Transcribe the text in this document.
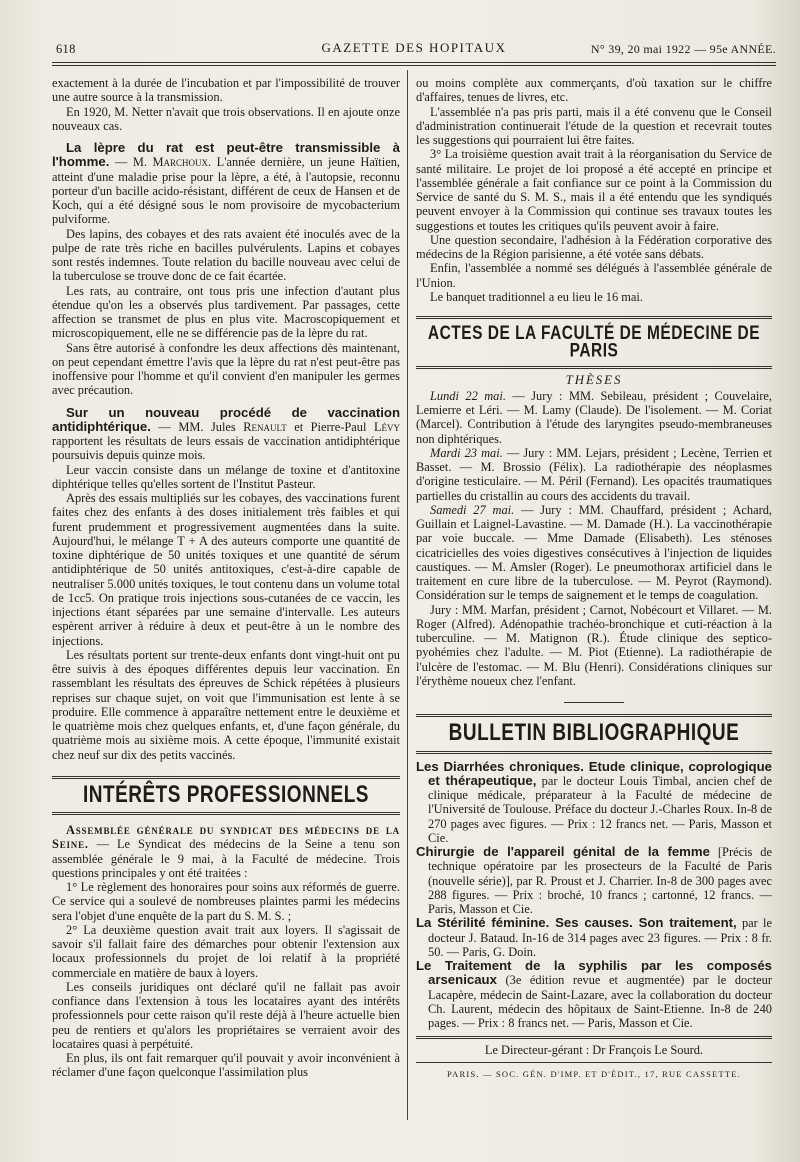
618	GAZETTE DES HOPITAUX	N° 39, 20 mai 1922 — 95e ANNÉE.

exactement à la durée de l'incubation et par l'impossibilité de trouver une autre source à la transmission.

En 1920, M. Netter n'avait que trois observations. Il en ajoute onze nouveaux cas.

La lèpre du rat est peut-être transmissible à l'homme. — M. Marchoux. L'année dernière, un jeune Haïtien, atteint d'une maladie prise pour la lèpre, a été, à l'autopsie, reconnu porteur d'un bacille acido-résistant, différent de ceux de Hansen et de Koch, qui a été désigné sous le nom provisoire de mycobacterium pulviforme.

Des lapins, des cobayes et des rats avaient été inoculés avec de la pulpe de rate très riche en bacilles pulvérulents. Lapins et cobayes sont restés indemnes. Toute relation du bacille nouveau avec celui de la tuberculose se trouve donc de ce fait écartée.

Les rats, au contraire, ont tous pris une infection d'autant plus étendue qu'on les a observés plus tardivement. Par passages, cette affection se transmet de plus en plus vite. Macroscopiquement et microscopiquement, elle ne se différencie pas de la lèpre du rat.

Sans être autorisé à confondre les deux affections dès maintenant, on peut cependant émettre l'avis que la lèpre du rat n'est peut-être pas inoffensive pour l'homme et qu'il convient d'en manipuler les germes avec précaution.

Sur un nouveau procédé de vaccination antidiphtérique. — MM. Jules Renault et Pierre-Paul Lévy rapportent les résultats de leurs essais de vaccination antidiphtérique poursuivis depuis quinze mois.

Leur vaccin consiste dans un mélange de toxine et d'antitoxine diphtérique telles qu'elles sortent de l'Institut Pasteur.

Après des essais multipliés sur les cobayes, des vaccinations furent faites chez des enfants à des doses initialement très faibles et qui furent prudemment et progressivement augmentées dans la suite. Aujourd'hui, le mélange T + A des auteurs comporte une quantité de toxine diphtérique de 50 unités toxiques et une quantité de sérum antidiphtérique de 50 unités antitoxiques, c'est-à-dire capable de neutraliser 5.000 unités toxiques, le tout contenu dans un volume total de 1cc5. On pratique trois injections sous-cutanées de ce vaccin, les injections étant séparées par une semaine d'intervalle. Les auteurs espèrent arriver à réduire à deux et peut-être à un le nombre des injections.

Les résultats portent sur trente-deux enfants dont vingt-huit ont pu être suivis à des époques différentes depuis leur vaccination. En rassemblant les résultats des épreuves de Schick répétées à plusieurs reprises sur chaque sujet, on voit que l'immunisation est lente à se produire. Elle commence à apparaître nettement entre le deuxième et le quatrième mois chez quelques enfants, et, d'une façon générale, du quatrième mois au sixième mois. A cette époque, l'immunité existait chez neuf sur dix des petits vaccinés.

INTÉRÊTS PROFESSIONNELS

Assemblée générale du syndicat des médecins de la Seine. — Le Syndicat des médecins de la Seine a tenu son assemblée générale le 9 mai, à la Faculté de médecine. Trois questions principales y ont été traitées :

1° Le règlement des honoraires pour soins aux réformés de guerre. Ce service qui a soulevé de nombreuses plaintes parmi les médecins sera l'objet d'une enquête de la part du S. M. S. ;

2° La deuxième question avait trait aux loyers. Il s'agissait de savoir s'il fallait faire des démarches pour obtenir l'extension aux locaux professionnels du projet de loi relatif à la propriété commerciale en matière de baux à loyers.

Les conseils juridiques ont déclaré qu'il ne fallait pas avoir confiance dans l'extension à tous les locataires ayant des intérêts professionnels pour cette raison qu'il reste déjà à l'heure actuelle bien peu de rentiers et qu'alors les propriétaires se verraient avoir des locataires quasi à perpétuité.

En plus, ils ont fait remarquer qu'il pouvait y avoir inconvénient à réclamer d'une façon quelconque l'assimilation plus

ou moins complète aux commerçants, d'où taxation sur le chiffre d'affaires, tenues de livres, etc.

L'assemblée n'a pas pris parti, mais il a été convenu que le Conseil d'administration continuerait l'étude de la question et recevrait toutes les suggestions qui pourraient lui être faites.

3° La troisième question avait trait à la réorganisation du Service de santé militaire. Le projet de loi proposé a été accepté en principe et l'assemblée générale a fait confiance sur ce point à la Commission du Service de santé du S. M. S., mais il a été entendu que les syndiqués peuvent envoyer à la Commission qui continue ses travaux toutes les suggestions et toutes les critiques qu'ils peuvent avoir à faire.

Une question secondaire, l'adhésion à la Fédération corporative des médecins de la Région parisienne, a été votée sans débats.

Enfin, l'assemblée a nommé ses délégués à l'assemblée générale de l'Union.

Le banquet traditionnel a eu lieu le 16 mai.

ACTES DE LA FACULTÉ DE MÉDECINE DE PARIS
THÈSES

Lundi 22 mai. — Jury : MM. Sebileau, président ; Couvelaire, Lemierre et Léri. — M. Lamy (Claude). De l'isolement. — M. Coriat (Marcel). Contribution à l'étude des laryngites pseudo-membraneuses non diphtériques.

Mardi 23 mai. — Jury : MM. Lejars, président ; Lecène, Terrien et Basset. — M. Brossio (Félix). La radiothérapie des néoplasmes d'origine testiculaire. — M. Péril (Fernand). Les opacités traumatiques partielles du cristallin au cours des accidents du travail.

Samedi 27 mai. — Jury : MM. Chauffard, président ; Achard, Guillain et Laignel-Lavastine. — M. Damade (H.). La vaccinothérapie par voie buccale. — Mme Damade (Elisabeth). Les sténoses cicatricielles des voies digestives consécutives à l'injection de liquides caustiques. — M. Amsler (Roger). Le pneumothorax artificiel dans le traitement en cure libre de la tuberculose. — M. Peyrot (Raymond). Considération sur le temps de saignement et le temps de coagulation.

Jury : MM. Marfan, président ; Carnot, Nobécourt et Villaret. — M. Roger (Alfred). Adénopathie trachéo-bronchique et cuti-réaction à la tuberculine. — M. Matignon (R.). Étude clinique des septico-pyohémies chez l'adulte. — M. Piot (Etienne). La radiothérapie de l'ulcère de l'estomac. — M. Blu (Henri). Considérations cliniques sur l'érythème noueux chez l'enfant.

BULLETIN BIBLIOGRAPHIQUE

Les Diarrhées chroniques. Etude clinique, coprologique et thérapeutique, par le docteur Louis Timbal, ancien chef de clinique médicale, préparateur à la Faculté de médecine de l'Université de Toulouse. Préface du docteur J.-Charles Roux. In-8 de 270 pages avec figures. — Prix : 12 francs net. — Paris, Masson et Cie.

Chirurgie de l'appareil génital de la femme [Précis de technique opératoire par les prosecteurs de la Faculté de Paris (nouvelle série)], par R. Proust et J. Charrier. In-8 de 300 pages avec 288 figures. — Prix : broché, 10 francs ; cartonné, 12 francs. — Paris, Masson et Cie.

La Stérilité féminine. Ses causes. Son traitement, par le docteur J. Bataud. In-16 de 314 pages avec 23 figures. — Prix : 8 fr. 50. — Paris, G. Doin.

Le Traitement de la syphilis par les composés arsenicaux (3e édition revue et augmentée) par le docteur Lacapère, médecin de Saint-Lazare, avec la collaboration du docteur Ch. Laurent, médecin des hôpitaux de Saint-Etienne. In-8 de 240 pages. — Prix : 8 francs net. — Paris, Masson et Cie.

Le Directeur-gérant : Dr François Le Sourd.
PARIS. — SOC. GÉN. D'IMP. ET D'ÉDIT., 17, RUE CASSETTE.
